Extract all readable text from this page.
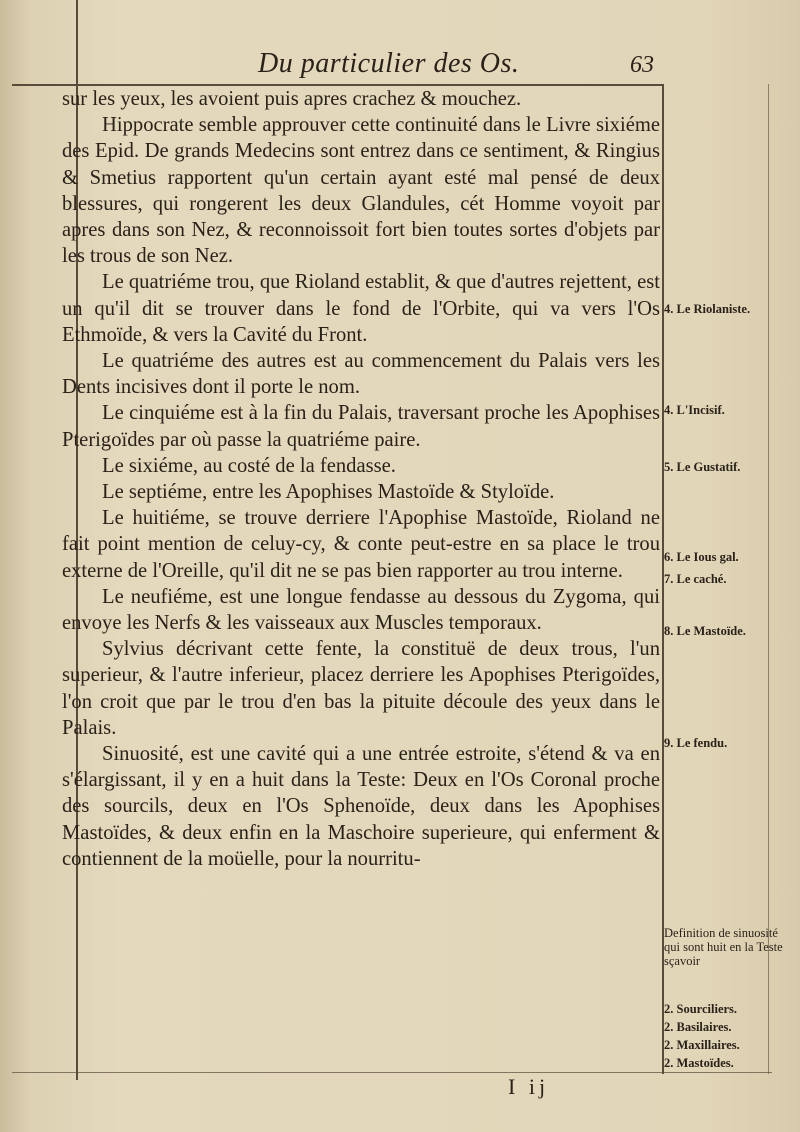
Du particulier des Os.	63

sur les yeux, les avoient puis apres crachez & mouchez.

Hippocrate semble approuver cette continuité dans le Livre sixiéme des Epid. De grands Medecins sont entrez dans ce sentiment, & Ringius & Smetius rapportent qu'un certain ayant esté mal pensé de deux blessures, qui rongerent les deux Glandules, cét Homme voyoit par apres dans son Nez, & reconnoissoit fort bien toutes sortes d'objets par les trous de son Nez.

Le quatriéme trou, que Rioland establit, & que d'autres rejettent, est un qu'il dit se trouver dans le fond de l'Orbite, qui va vers l'Os Ethmoïde, & vers la Cavité du Front.

Le quatriéme des autres est au commencement du Palais vers les Dents incisives dont il porte le nom.

Le cinquiéme est à la fin du Palais, traversant proche les Apophises Pterigoïdes par où passe la quatriéme paire.

Le sixiéme, au costé de la fendasse.

Le septiéme, entre les Apophises Mastoïde & Styloïde.

Le huitiéme, se trouve derriere l'Apophise Mastoïde, Rioland ne fait point mention de celuy-cy, & conte peut-estre en sa place le trou externe de l'Oreille, qu'il dit ne se pas bien rapporter au trou interne.

Le neufiéme, est une longue fendasse au dessous du Zygoma, qui envoye les Nerfs & les vaisseaux aux Muscles temporaux.

Sylvius décrivant cette fente, la constituë de deux trous, l'un superieur, & l'autre inferieur, placez derriere les Apophises Pterigoïdes, l'on croit que par le trou d'en bas la pituite découle des yeux dans le Palais.

Sinuosité, est une cavité qui a une entrée estroite, s'étend & va en s'élargissant, il y en a huit dans la Teste: Deux en l'Os Coronal proche des sourcils, deux en l'Os Sphenoïde, deux dans les Apophises Mastoïdes, & deux enfin en la Maschoire superieure, qui enferment & contiennent de la moüelle, pour la nourritu-

4. Le Riolaniste.
4. L'Incisif.
5. Le Gustatif.
6. Le Ious gal.
7. Le caché.
8. Le Mastoïde.
9. Le fendu.
Definition de sinuosité qui sont huit en la Teste sçavoir
2. Sourciliers.
2. Basilaires.
2. Maxillaires.
2. Mastoïdes.
I ij
